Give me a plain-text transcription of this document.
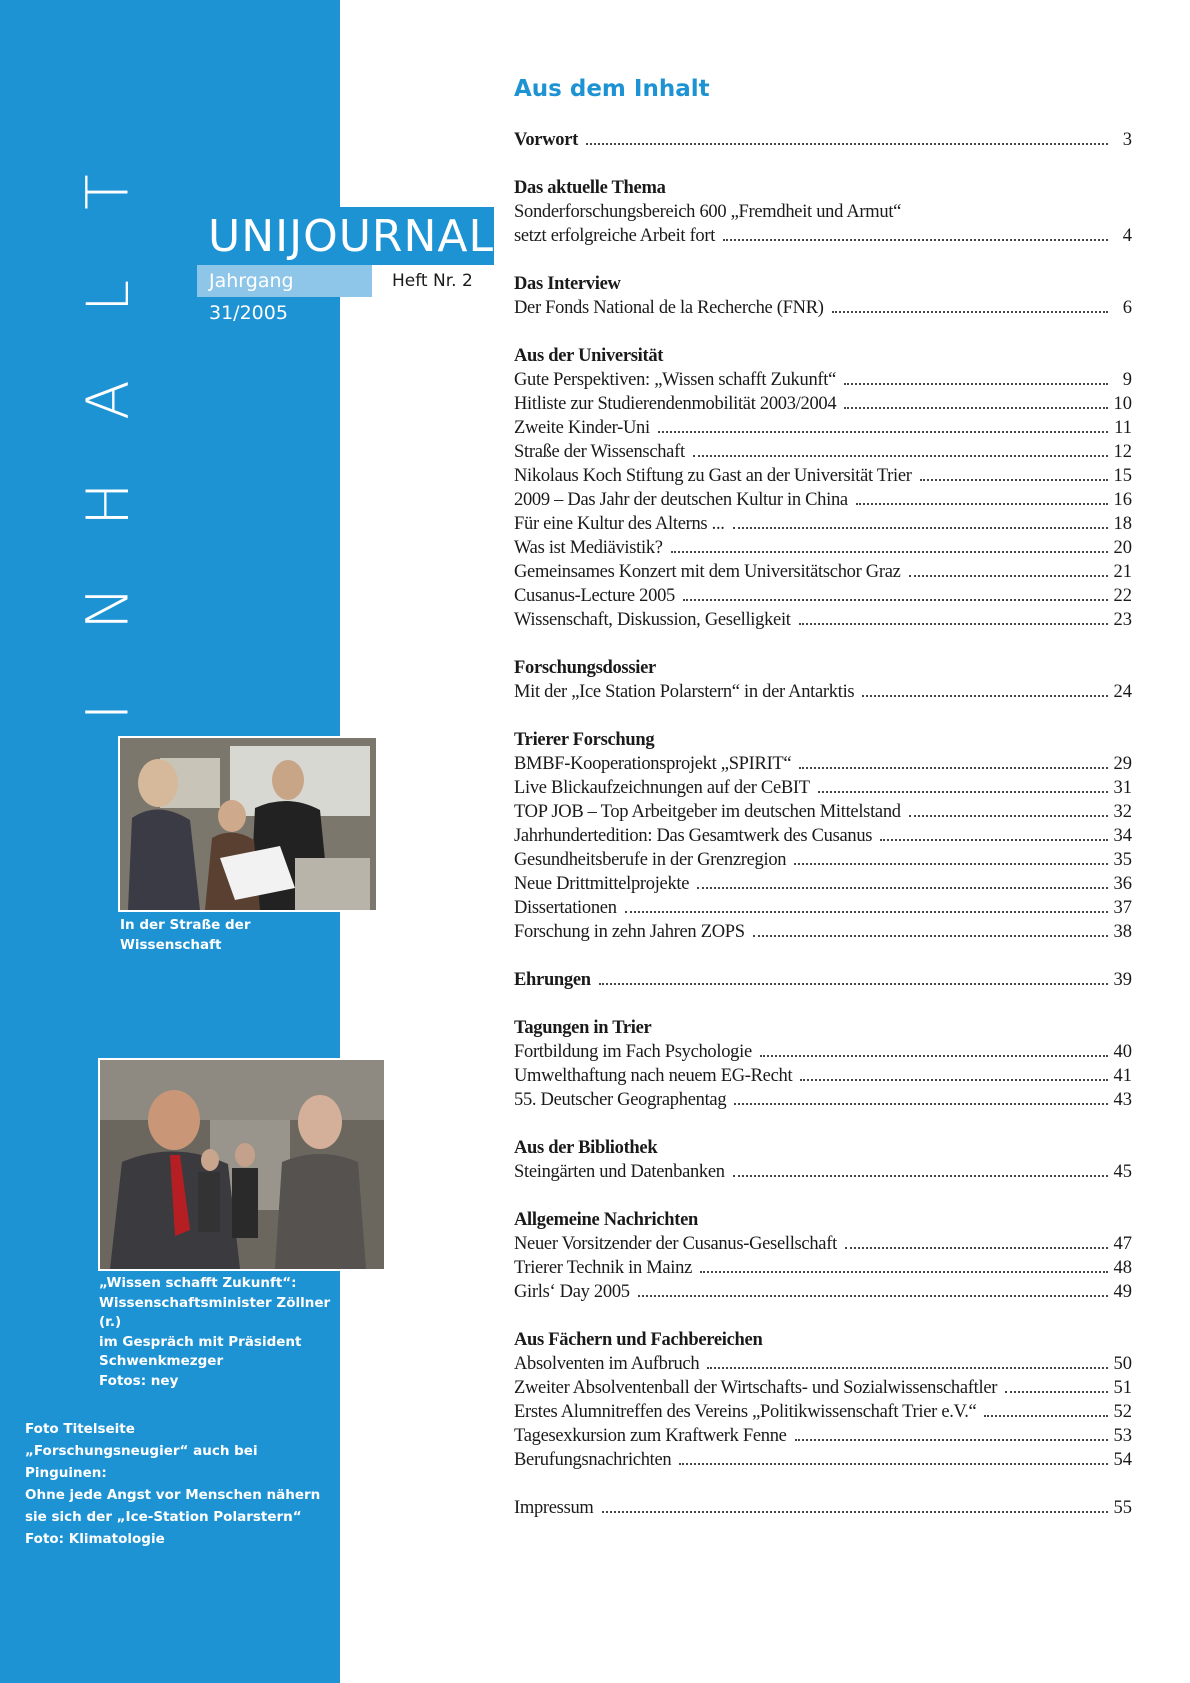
T
L
A
H
N
I
In der Straße der Wissenschaft
„Wissen schafft Zukunft“:
Wissenschaftsminister Zöllner (r.)
im Gespräch mit Präsident
Schwenkmezger
Fotos: ney
Foto Titelseite
„Forschungsneugier“ auch bei Pinguinen:
Ohne jede Angst vor Menschen nähern
sie sich der „Ice-Station Polarstern“
Foto: Klimatologie
UNIJOURNAL
Jahrgang 31/2005
Heft Nr. 2
Aus dem Inhalt
Vorwort	3
Das aktuelle Thema
Sonderforschungsbereich 600 „Fremdheit und Armut“
setzt erfolgreiche Arbeit fort	4
Das Interview
Der Fonds National de la Recherche (FNR)	6
Aus der Universität
Gute Perspektiven: „Wissen schafft Zukunft“	9
Hitliste zur Studierendenmobilität 2003/2004	10
Zweite Kinder-Uni	11
Straße der Wissenschaft	12
Nikolaus Koch Stiftung zu Gast an der Universität Trier	15
2009 – Das Jahr der deutschen Kultur in China	16
Für eine Kultur des Alterns ...	18
Was ist Mediävistik?	20
Gemeinsames Konzert mit dem Universitätschor Graz	21
Cusanus-Lecture 2005	22
Wissenschaft, Diskussion, Geselligkeit	23
Forschungsdossier
Mit der „Ice Station Polarstern“ in der Antarktis	24
Trierer Forschung
BMBF-Kooperationsprojekt „SPIRIT“	29
Live Blickaufzeichnungen auf der CeBIT	31
TOP JOB – Top Arbeitgeber im deutschen Mittelstand	32
Jahrhundertedition: Das Gesamtwerk des Cusanus	34
Gesundheitsberufe in der Grenzregion	35
Neue Drittmittelprojekte	36
Dissertationen	37
Forschung in zehn Jahren ZOPS	38
Ehrungen	39
Tagungen in Trier
Fortbildung im Fach Psychologie	40
Umwelthaftung nach neuem EG-Recht	41
55. Deutscher Geographentag	43
Aus der Bibliothek
Steingärten und Datenbanken	45
Allgemeine Nachrichten
Neuer Vorsitzender der Cusanus-Gesellschaft	47
Trierer Technik in Mainz	48
Girls‘ Day 2005	49
Aus Fächern und Fachbereichen
Absolventen im Aufbruch	50
Zweiter Absolventenball der Wirtschafts- und Sozialwissenschaftler	51
Erstes Alumnitreffen des Vereins „Politikwissenschaft Trier e.V.“	52
Tagesexkursion zum Kraftwerk Fenne	53
Berufungsnachrichten	54
Impressum	55
